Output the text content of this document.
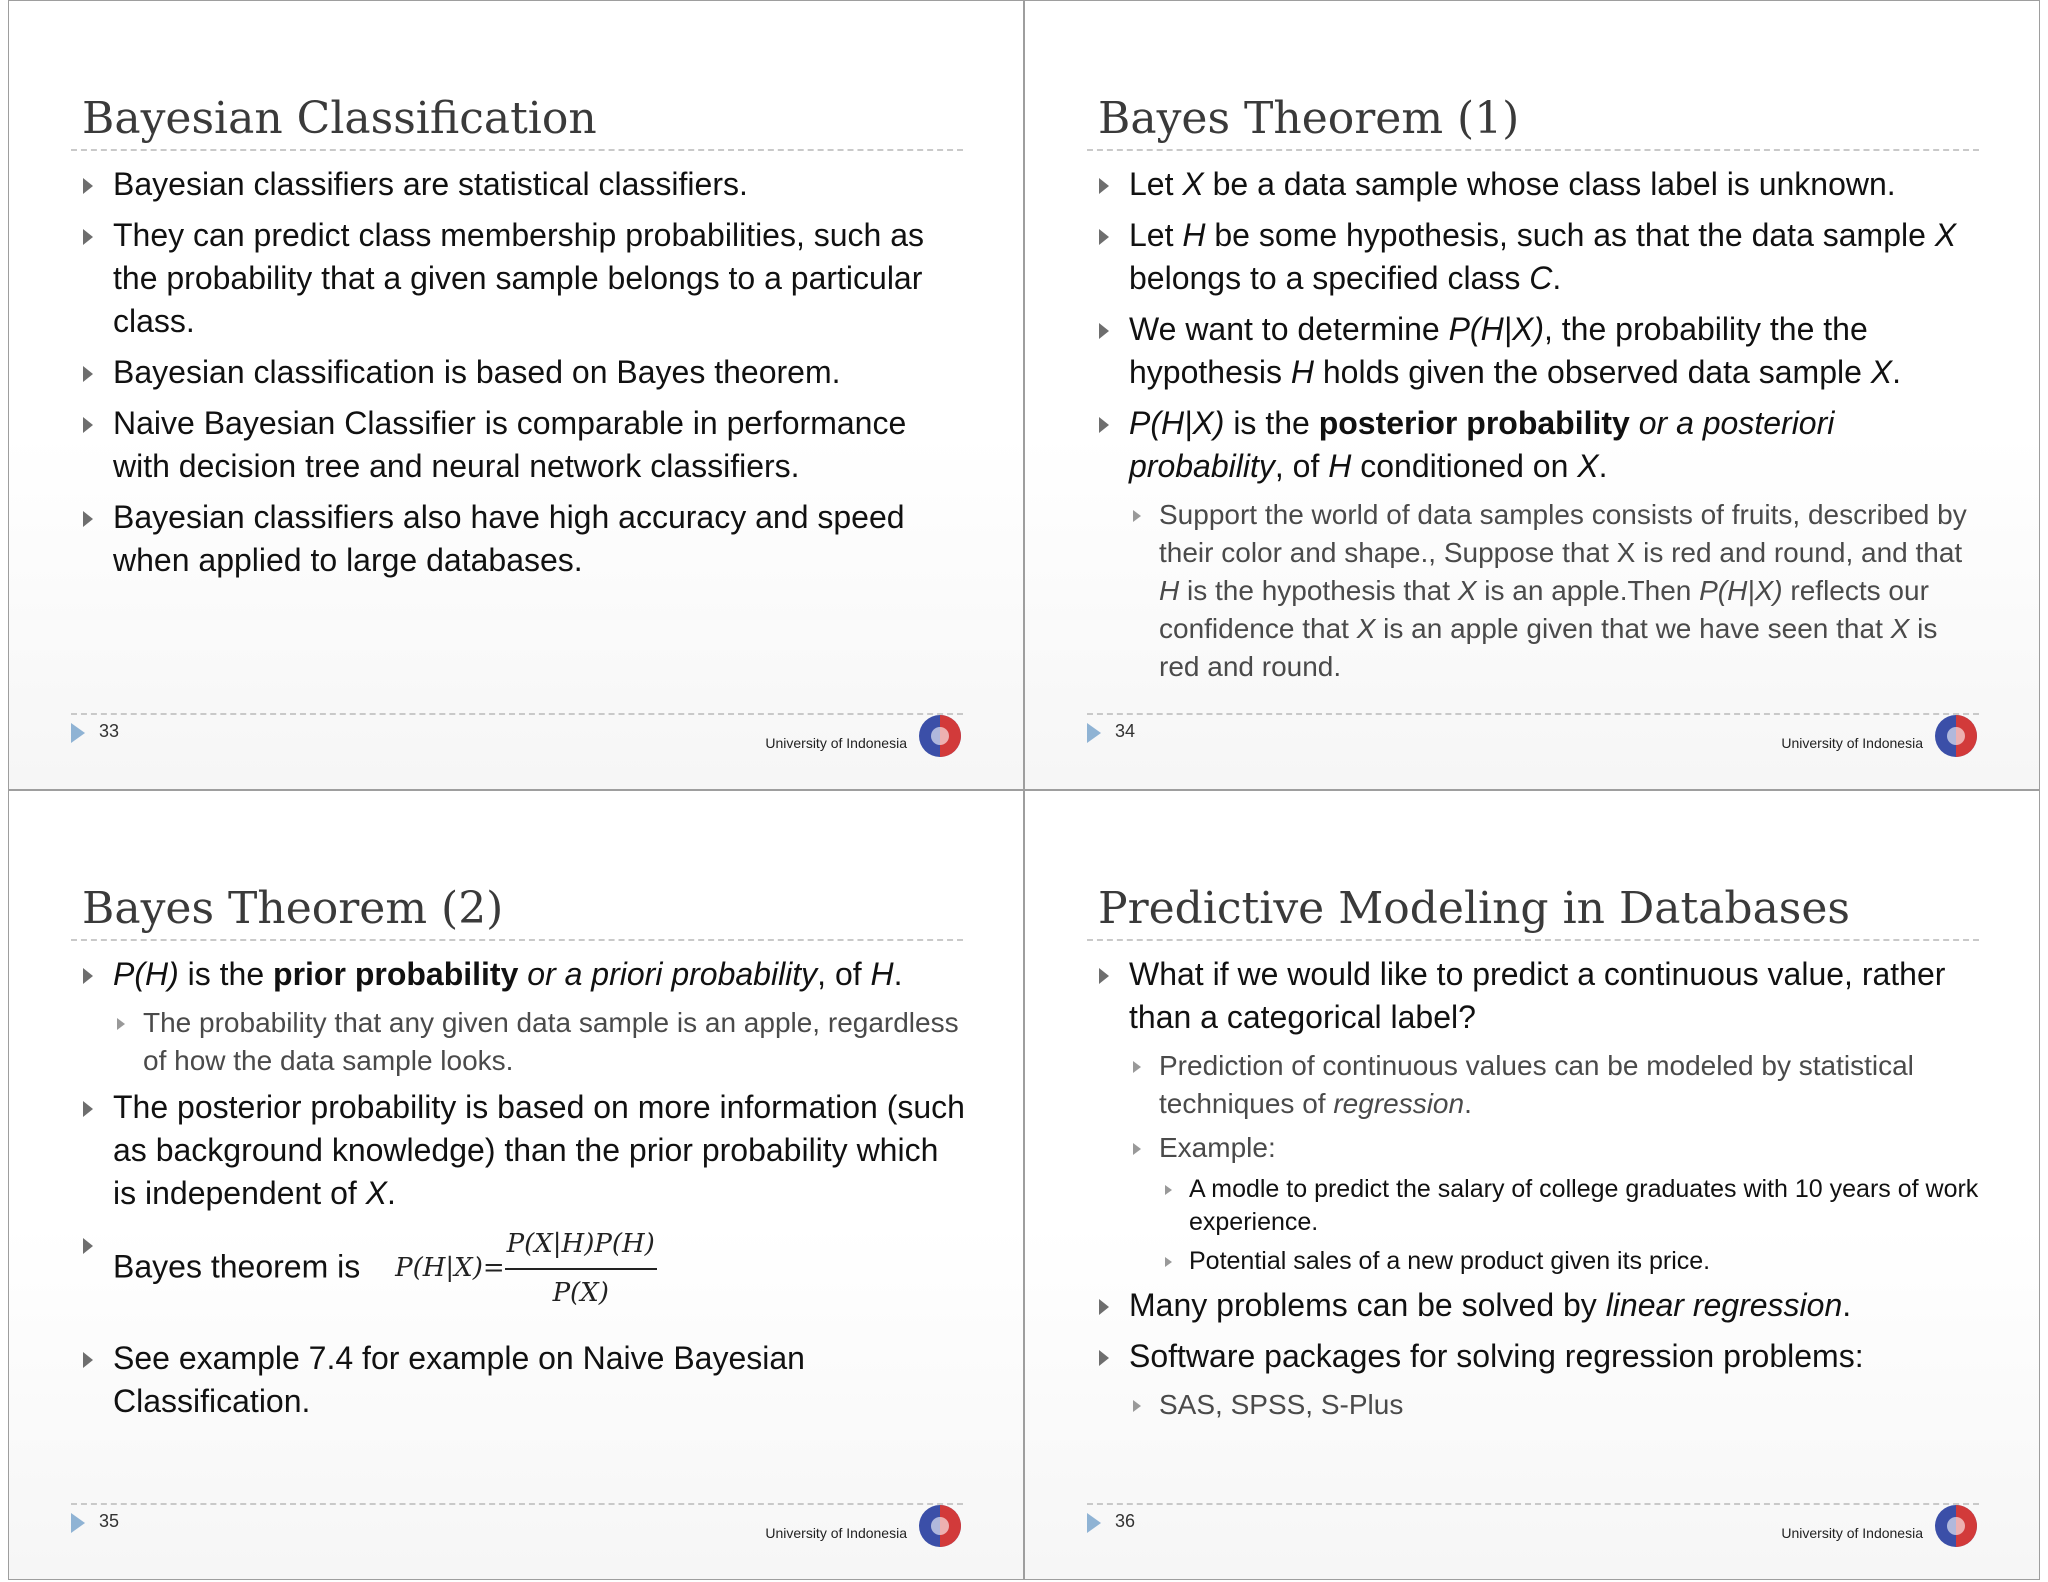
Bayesian Classification
Bayesian classifiers are statistical classifiers.
They can predict class membership probabilities, such as the probability that a given sample belongs to a particular class.
Bayesian classification is based on Bayes theorem.
Naive Bayesian Classifier is comparable in performance with decision tree and neural network classifiers.
Bayesian classifiers also have high accuracy and speed when applied to large databases.
33
University of Indonesia
Bayes Theorem (1)
Let X be a data sample whose class label is unknown.
Let H be some hypothesis, such as that the data sample X belongs to a specified class C.
We want to determine P(H|X), the probability the the hypothesis H holds given the observed data sample X.
P(H|X) is the posterior probability or a posteriori probability, of H conditioned on X.
Support the world of data samples consists of fruits, described by their color and shape., Suppose that X is red and round, and that H is the hypothesis that X is an apple.Then P(H|X) reflects our confidence that X is an apple given that we have seen that X is red and round.
34
University of Indonesia
Bayes Theorem (2)
P(H) is the prior probability or a priori probability, of H.
The probability that any given data sample is an apple, regardless of how the data sample looks.
The posterior probability is based on more information (such as background knowledge) than the prior probability which is independent of X.
Bayes theorem is $P(H|X)= \frac{P(X|H)P(H)}{P(X)}$
See example 7.4 for example on Naive Bayesian Classification.
35
University of Indonesia
Predictive Modeling in Databases
What if we would like to predict a continuous value, rather than a categorical label?
Prediction of continuous values can be modeled by statistical techniques of regression.
Example:
A modle to predict the salary of college graduates with 10 years of work experience.
Potential sales of a new product given its price.
Many problems can be solved by linear regression.
Software packages for solving regression problems:
SAS, SPSS, S-Plus
36
University of Indonesia
